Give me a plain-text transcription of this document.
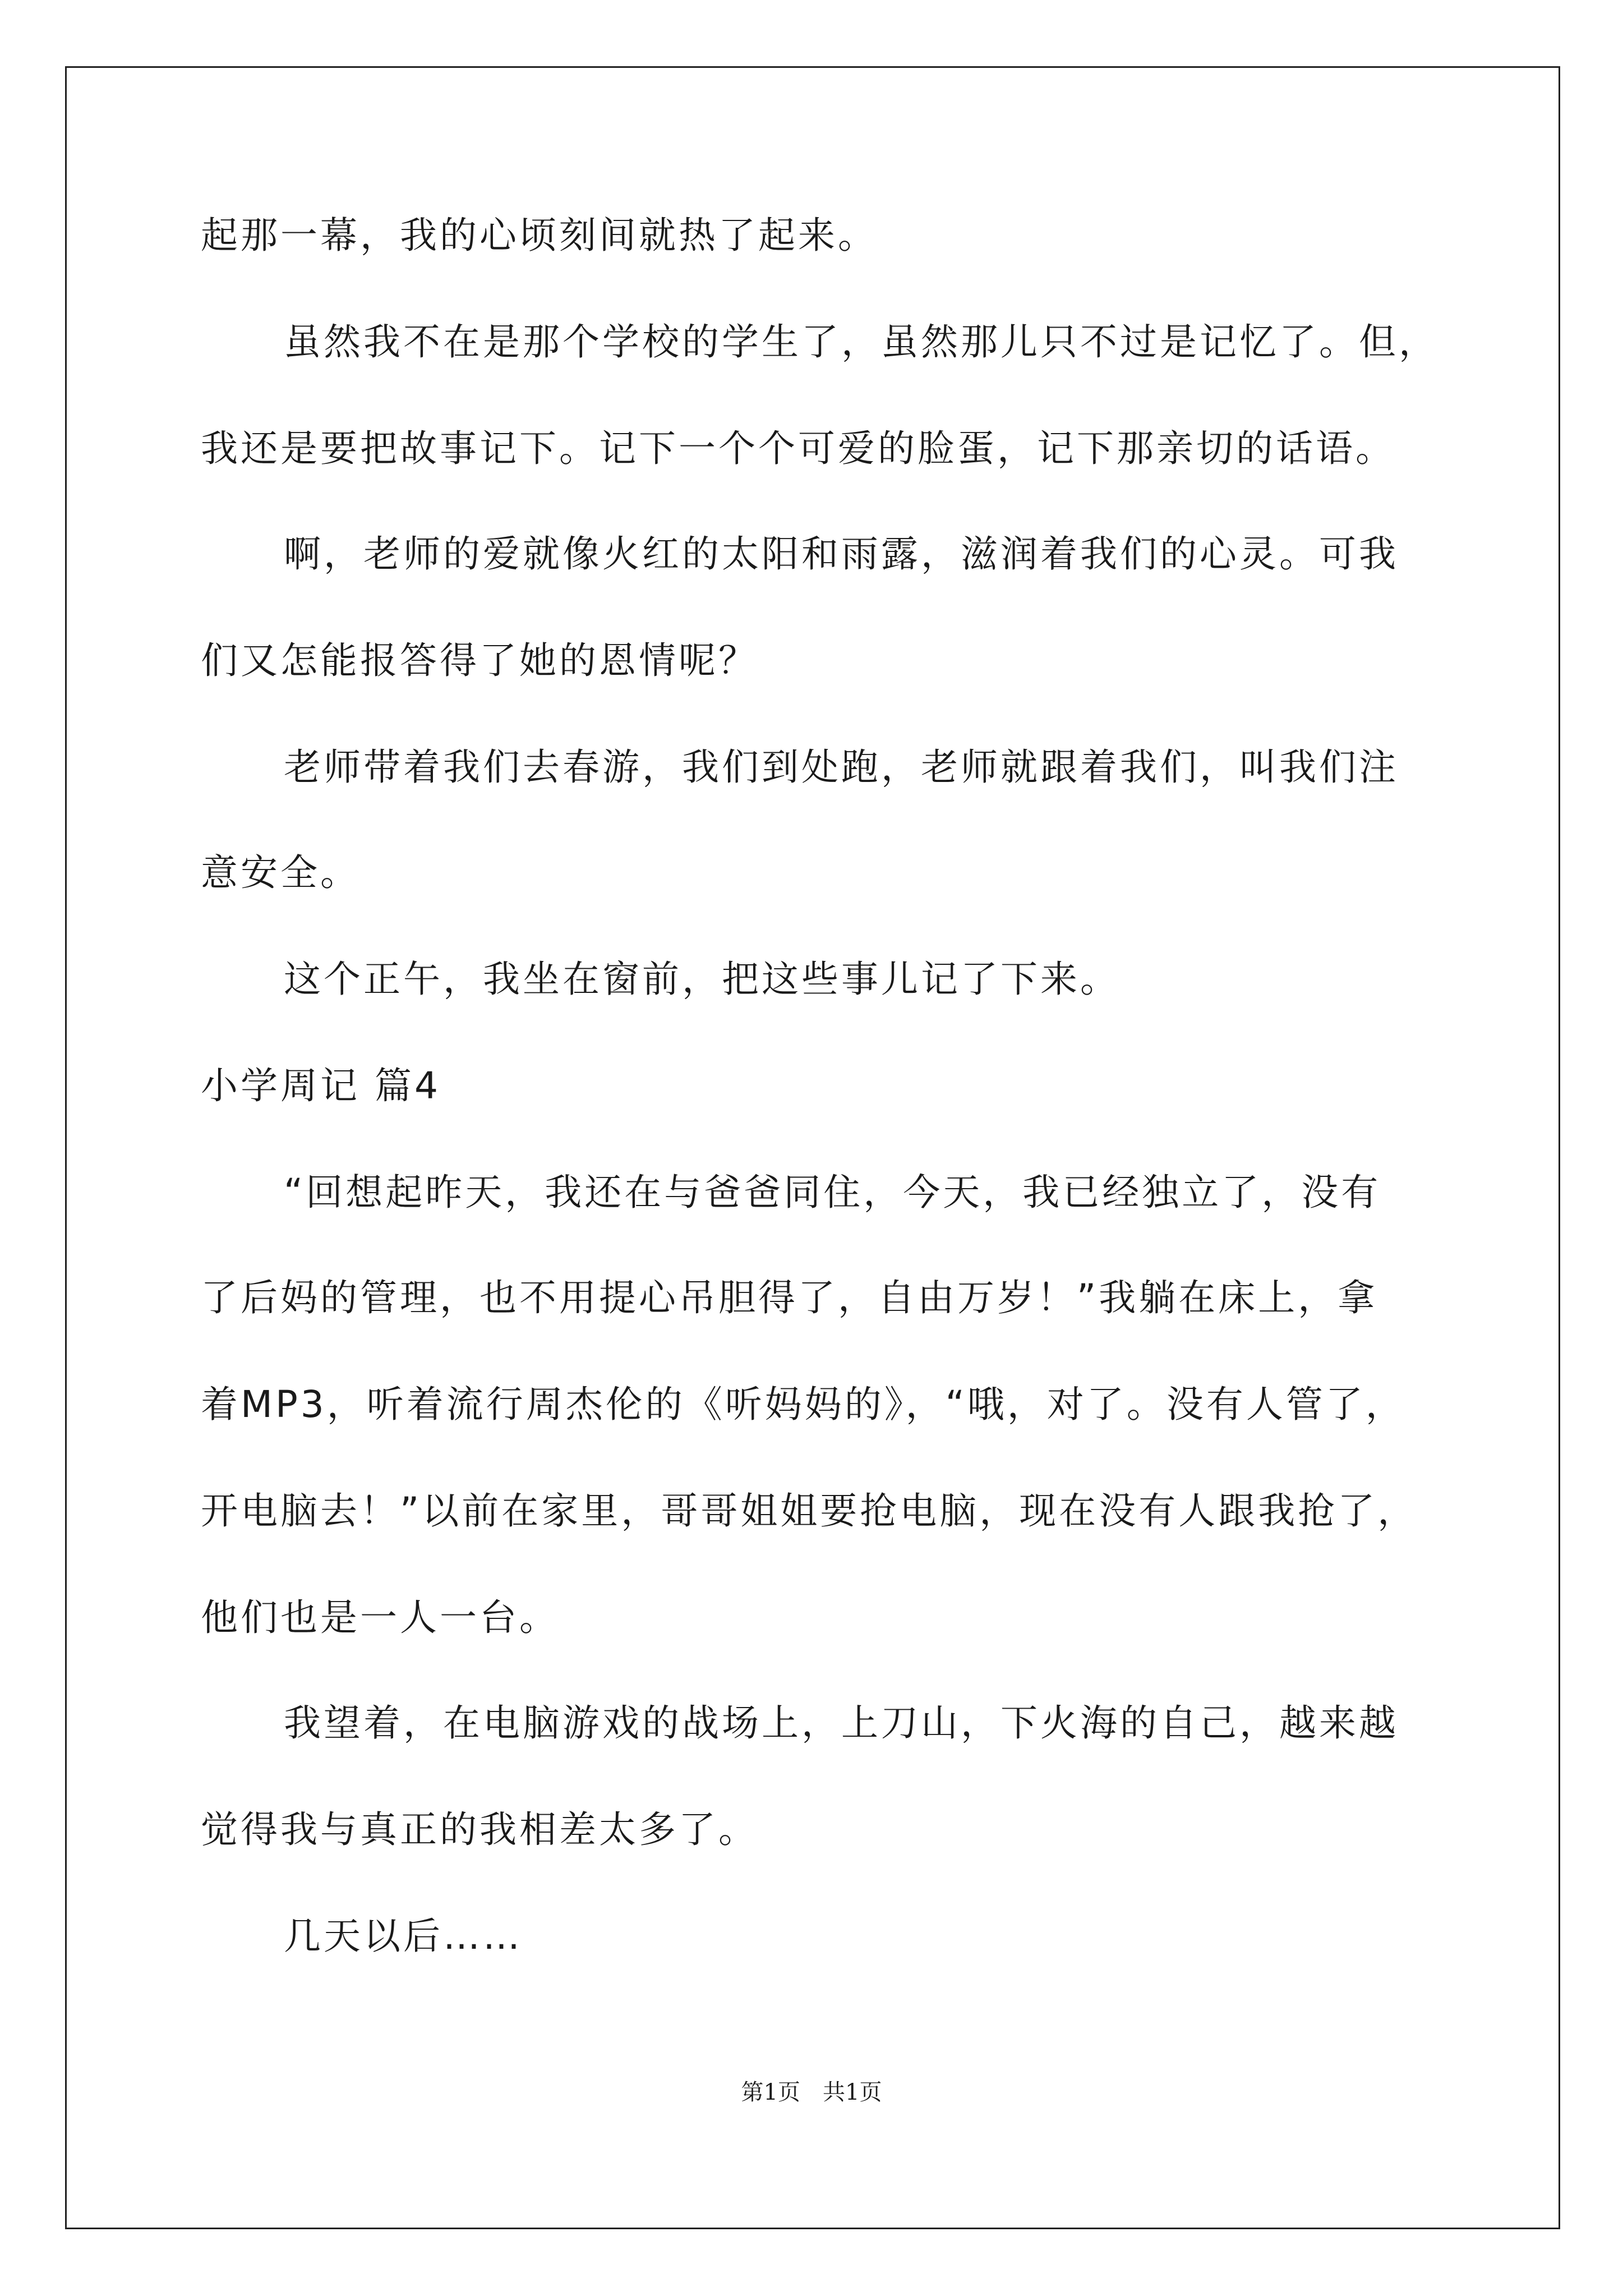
起那一幕，我的心顷刻间就热了起来。
虽然我不在是那个学校的学生了，虽然那儿只不过是记忆了。但，
我还是要把故事记下。记下一个个可爱的脸蛋，记下那亲切的话语。
啊，老师的爱就像火红的太阳和雨露，滋润着我们的心灵。可我
们又怎能报答得了她的恩情呢？
老师带着我们去春游，我们到处跑，老师就跟着我们，叫我们注
意安全。
这个正午，我坐在窗前，把这些事儿记了下来。
小学周记 篇4
“回想起昨天，我还在与爸爸同住，今天，我已经独立了，没有
了后妈的管理，也不用提心吊胆得了，自由万岁！”我躺在床上，拿
着MP3，听着流行周杰伦的《听妈妈的》，“哦，对了。没有人管了，
开电脑去！”以前在家里，哥哥姐姐要抢电脑，现在没有人跟我抢了，
他们也是一人一台。
我望着，在电脑游戏的战场上，上刀山，下火海的自己，越来越
觉得我与真正的我相差太多了。
几天以后……
第1页　共1页
